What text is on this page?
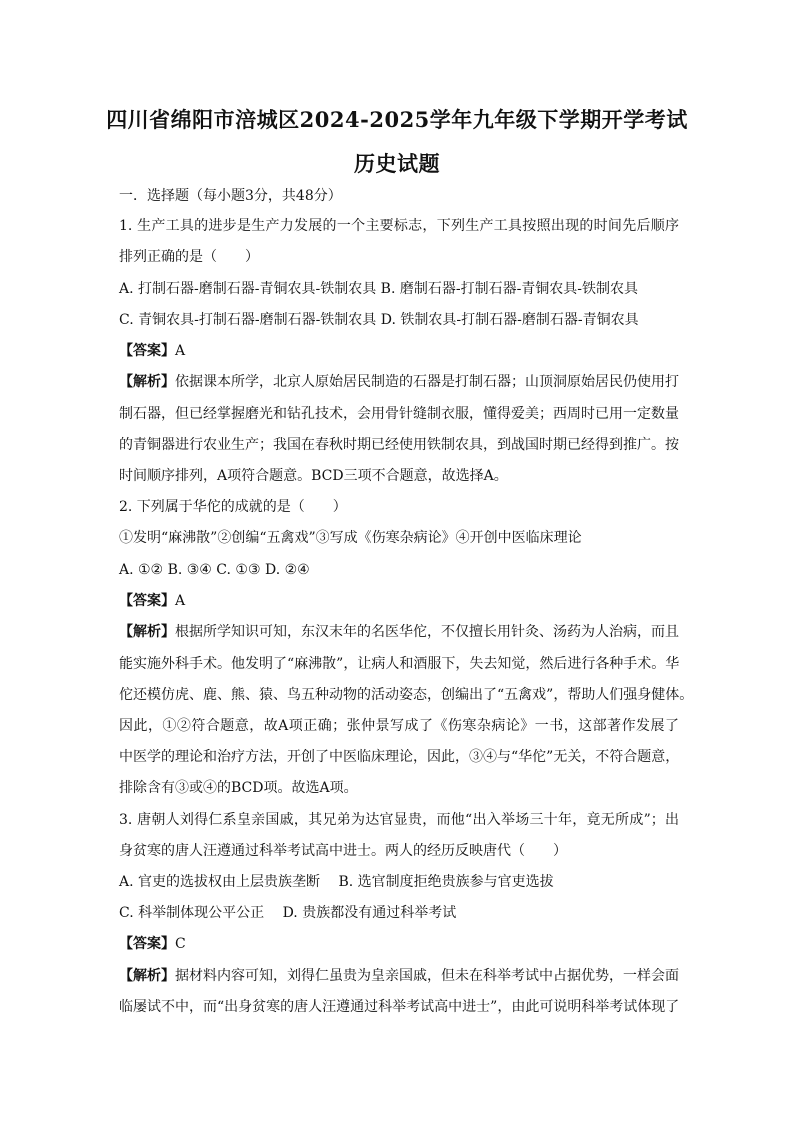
四川省绵阳市涪城区2024-2025学年九年级下学期开学考试
历史试题
一．选择题（每小题3分，共48分）
1. 生产工具的进步是生产力发展的一个主要标志，下列生产工具按照出现的时间先后顺序
排列正确的是（　　）
A. 打制石器-磨制石器-青铜农具-铁制农具 B. 磨制石器-打制石器-青铜农具-铁制农具
C. 青铜农具-打制石器-磨制石器-铁制农具 D. 铁制农具-打制石器-磨制石器-青铜农具
【答案】A
【解析】依据课本所学，北京人原始居民制造的石器是打制石器；山顶洞原始居民仍使用打
制石器，但已经掌握磨光和钻孔技术，会用骨针缝制衣服，懂得爱美；西周时已用一定数量
的青铜器进行农业生产；我国在春秋时期已经使用铁制农具，到战国时期已经得到推广。按
时间顺序排列，A项符合题意。BCD三项不合题意，故选择A。
2. 下列属于华佗的成就的是（　　）
①发明“麻沸散”②创编“五禽戏”③写成《伤寒杂病论》④开创中医临床理论
A. ①② B. ③④ C. ①③ D. ②④
【答案】A
【解析】根据所学知识可知，东汉末年的名医华佗，不仅擅长用针灸、汤药为人治病，而且
能实施外科手术。他发明了“麻沸散”，让病人和酒服下，失去知觉，然后进行各种手术。华
佗还模仿虎、鹿、熊、猿、鸟五种动物的活动姿态，创编出了“五禽戏”，帮助人们强身健体。
因此，①②符合题意，故A项正确；张仲景写成了《伤寒杂病论》一书，这部著作发展了
中医学的理论和治疗方法，开创了中医临床理论，因此，③④与“华佗”无关，不符合题意，
排除含有③或④的BCD项。故选A项。
3. 唐朝人刘得仁系皇亲国戚，其兄弟为达官显贵，而他“出入举场三十年，竟无所成”；出
身贫寒的唐人汪遵通过科举考试高中进士。两人的经历反映唐代（　　）
A. 官吏的选拔权由上层贵族垄断　 B. 选官制度拒绝贵族参与官吏选拔
C. 科举制体现公平公正　 D. 贵族都没有通过科举考试
【答案】C
【解析】据材料内容可知，刘得仁虽贵为皇亲国戚，但未在科举考试中占据优势，一样会面
临屡试不中，而“出身贫寒的唐人汪遵通过科举考试高中进士”，由此可说明科举考试体现了
